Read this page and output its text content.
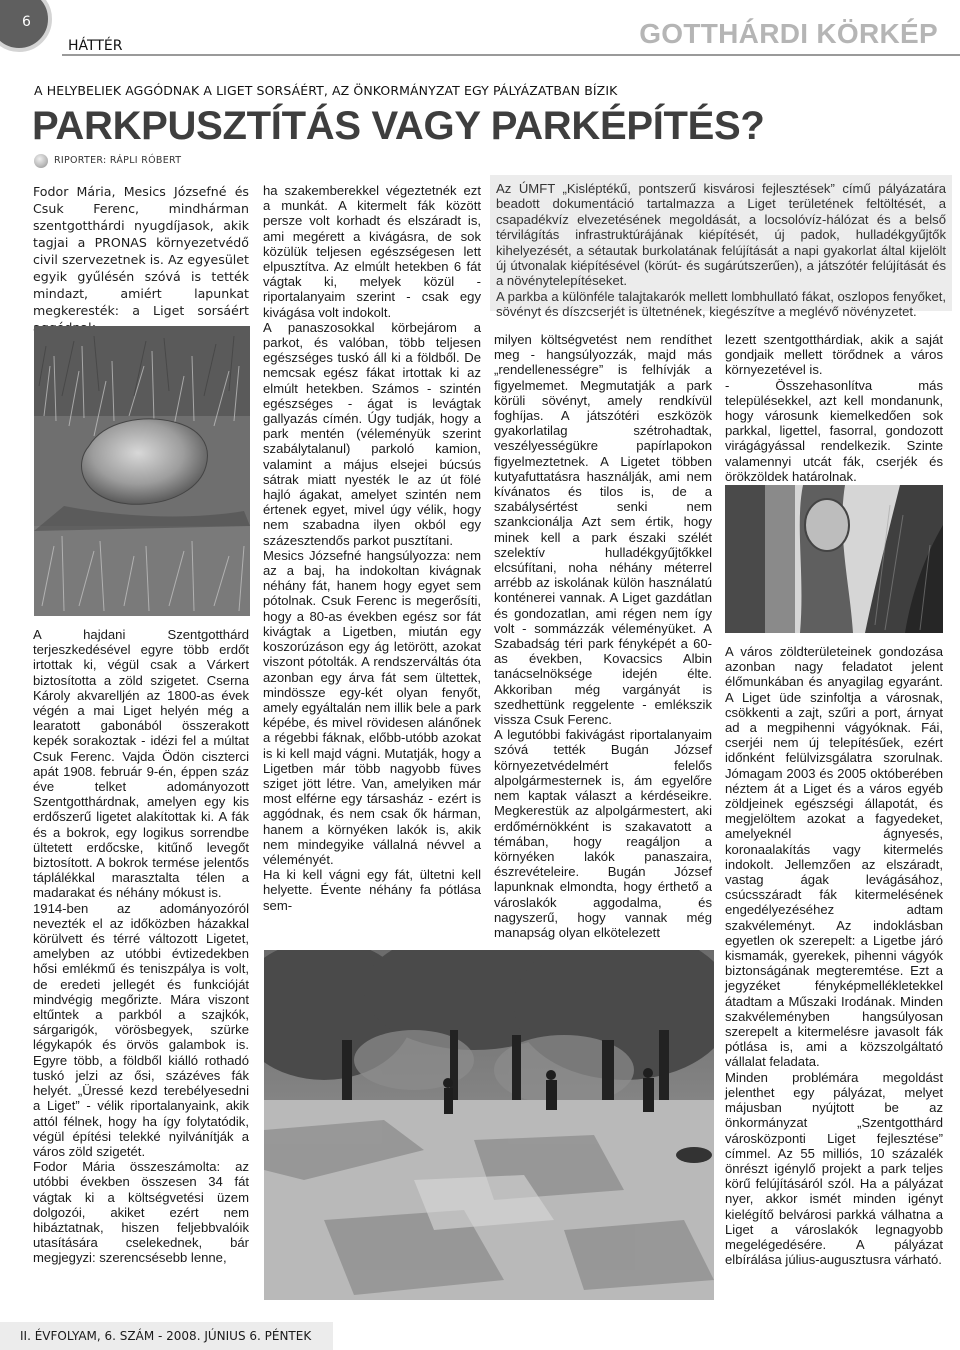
6
HÁTTÉR	GOTTHÁRDI KÖRKÉP
A HELYBELIEK AGGÓDNAK A LIGET SORSÁÉRT, AZ ÖNKORMÁNYZAT EGY PÁLYÁZATBAN BÍZIK
PARKPUSZTÍTÁS VAGY PARKÉPÍTÉS?
RIPORTER: RÁPLI RÓBERT

Fodor Mária, Mesics Józsefné és Csuk Ferenc, mindhárman szentgotthárdi nyugdíjasok, akik tagjai a PRONAS környezetvédő civil szervezetnek is. Az egyesület egyik gyűlésén szóvá is tették mindazt, amiért lapunkat megkeresték: a Liget sorsáért

A hajdani Szentgotthárd terjeszkedésével egyre több erdőt irtottak ki, végül csak a Várkert biztosította a zöld szigetet. Cserna Károly akvarelljén az 1800-as évek végén a mai Liget helyén még a learatott gabonából összerakott kepék sorakoztak - idézi fel a múltat Csuk Ferenc. Vajda Ödön ciszterci apát 1908. február 9-én, éppen száz éve telket adományozott Szentgotthárdnak, amelyen egy kis erdőszerű ligetet alakítottak ki. A fák és a bokrok, egy logikus sorrendbe ültetett erdőcske, kitűnő levegőt biztosított. A bokrok termése jelentős táplálékkal marasztalta télen a madarakat és néhány mókust is.

1914-ben az adományozóról nevezték el az időközben házakkal körülvett és térré változott Ligetet, amelyben az utóbbi évtizedekben hősi emlékmű és teniszpálya is volt, de eredeti jellegét és funkcióját mindvégig megőrizte. Mára viszont eltűntek a parkból a szajkók, sárgarigók, vörösbegyek, szürke légykapók és örvös galambok is. Egyre több, a földből kiálló rothadó tuskó jelzi az ősi, százéves fák helyét. „Üressé kezd terebélyesedni a Liget” - vélik riportalanyaink, akik attól félnek, hogy ha így folytatódik, végül építési telekké nyilvánítják a város zöld szigetét.

Fodor Mária összeszámolta: az utóbbi években összesen 34 fát vágtak ki a költségvetési üzem dolgozói, akiket ezért nem hibáztatnak, hiszen feljebbvalóik utasítására cselekednek, bár megjegyzi: szerencsésebb lenne,

ha szakemberekkel végeztetnék ezt a munkát. A kitermelt fák között persze volt korhadt és elszáradt is, ami megérett a kivágásra, de sok közülük teljesen egészségesen lett elpusztítva. Az elmúlt hetekben 6 fát vágtak ki, melyek közül - riportalanyaim szerint - csak egy kivágása volt indokolt.

A panaszosokkal körbejárom a parkot, és valóban, több teljesen egészséges tuskó áll ki a földből. De nemcsak egész fákat irtottak ki az elmúlt hetekben. Számos - szintén egészséges - ágat is levágtak gallyazás címén. Úgy tudják, hogy a park mentén (véleményük szerint szabálytalanul) parkoló kamion, valamint a május elsejei búcsús sátrak miatt nyesték le az út fölé hajló ágakat, amelyet szintén nem értenek egyet, mivel úgy vélik, hogy nem szabadna ilyen okból egy százesztendős parkot pusztítani.

Mesics Józsefné hangsúlyozza: nem az a baj, ha indokoltan kivágnak néhány fát, hanem hogy egyet sem pótolnak. Csuk Ferenc is megerősíti, hogy a 80-as években egész sor fát kivágtak a Ligetben, miután egy koszorúzáson egy ág letörött, azokat viszont pótolták. A rendszerváltás óta azonban egy árva fát sem ültettek, mindössze egy-két olyan fenyőt, amely egyáltalán nem illik bele a park képébe, és mivel rövidesen alánőnek a régebbi fáknak, előbb-utóbb azokat is ki kell majd vágni. Mutatják, hogy a Ligetben már több nagyobb füves sziget jött létre. Van, amelyiken már most elférne egy társasház - ezért is aggódnak, és nem csak ők hárman, hanem a környéken lakók is, akik nem mindegyike vállalná névvel a véleményét.

Ha ki kell vágni egy fát, ültetni kell helyette. Évente néhány fa pótlása sem-

Az ÚMFT „Kisléptékű, pontszerű kisvárosi fejlesztések” című pályázatára beadott dokumentáció tartalmazza a Liget területének feltöltését, a csapadékvíz elvezetésének megoldását, a locsolóvíz-hálózat és a belső térvilágítás infrastruktúrájának kiépítését, új padok, hulladékgyűjtők kihelyezését, a sétautak burkolatának felújítását a napi gyakorlat által kijelölt új útvonalak kiépítésével (körút- és sugárútszerűen), a játszótér felújítását és a növénytelepítéseket.

A parkba a különféle talajtakarók mellett lombhullató fákat, oszlopos fenyőket, sövényt és díszcserjét is ültetnének, kiegészítve a meglévő növényzetet.

milyen költségvetést nem rendíthet meg - hangsúlyozzák, majd más „rendellenességre” is felhívják a figyelmemet. Megmutatják a park körüli sövényt, amely rendkívül foghíjas. A játszótéri eszközök gyakorlatilag szétrohadtak, veszélyességükre papírlapokon figyelmeztetnek. A Ligetet többen kutyafuttatásra használják, ami nem kívánatos és tilos is, de a szabálysértést senki nem szankcionálja Azt sem értik, hogy minek kell a park északi szélét szelektív hulladékgyűjtőkkel elcsúfítani, noha néhány méterrel arrébb az iskolának külön használatú konténerei vannak. A Liget gazdátlan és gondozatlan, ami régen nem így volt - sommázzák véleményüket. A Szabadság téri park fényképét a 60-as években, Kovacsics Albin tanácselnöksége idején élte. Akkoriban még vargányát is szedhettünk reggelente - emlékszik vissza Csuk Ferenc.

A legutóbbi fakivágást riportalanyaim szóvá tették Bugán József környezetvédelmért felelős alpolgármesternek is, ám egyelőre nem kaptak választ a kérdéseikre. Megkerestük az alpolgármestert, aki erdőmérnökként is szakavatott a témában, hogy reagáljon a környéken lakók panaszaira, észrevételeire. Bugán József lapunknak elmondta, hogy érthető a városlakók aggodalma, és nagyszerű, hogy vannak még manapság olyan elkötelezett

lezett szentgotthárdiak, akik a saját gondjaik mellett törődnek a város környezetével is.

- Összehasonlítva más településekkel, azt kell mondanunk, hogy városunk kiemelkedően sok parkkal, ligettel, fasorral, gondozott virágágyással rendelkezik. Szinte valamennyi utcát fák, cserjék és örökzöldek határolnak.

A város zöldterületeinek gondozása azonban nagy feladatot jelent élőmunkában és anyagilag egyaránt. A Liget üde szinfoltja a városnak, csökkenti a zajt, szűri a port, árnyat ad a megpihenni vágyóknak. Fái, cserjéi nem új telepítésűek, ezért időnként felülvizsgálatra szorulnak. Jómagam 2003 és 2005 októberében néztem át a Liget és a város egyéb zöldjeinek egészségi állapotát, és megjelöltem azokat a fagyedeket, amelyeknél ágnyesés, koronaalakítás vagy kitermelés indokolt. Jellemzően az elszáradt, vastag ágak levágásához, csúcsszáradt fák kitermelésének engedélyezéséhez adtam szakvéleményt. Az indoklásban egyetlen ok szerepelt: a Ligetbe járó kismamák, gyerekek, pihenni vágyók biztonságának megteremtése. Ezt a jegyzéket fényképmellékletekkel átadtam a Műszaki Irodának. Minden szakvéleményben hangsúlyosan szerepelt a kitermelésre javasolt fák pótlása is, ami a közszolgáltató vállalat feladata.

Minden problémára megoldást jelenthet egy pályázat, melyet májusban nyújtott be az önkormányzat „Szentgotthárd városközponti Liget fejlesztése” címmel. Az 55 milliós, 10 százalék önrészt igénylő projekt a park teljes körű felújításáról szól. Ha a pályázat nyer, akkor ismét minden igényt kielégítő belvárosi parkká válhatna a Liget a városlakók legnagyobb megelégedésére. A pályázat elbírálása július-augusztusra várható.

II. ÉVFOLYAM, 6. SZÁM - 2008. JÚNIUS 6. PÉNTEK
